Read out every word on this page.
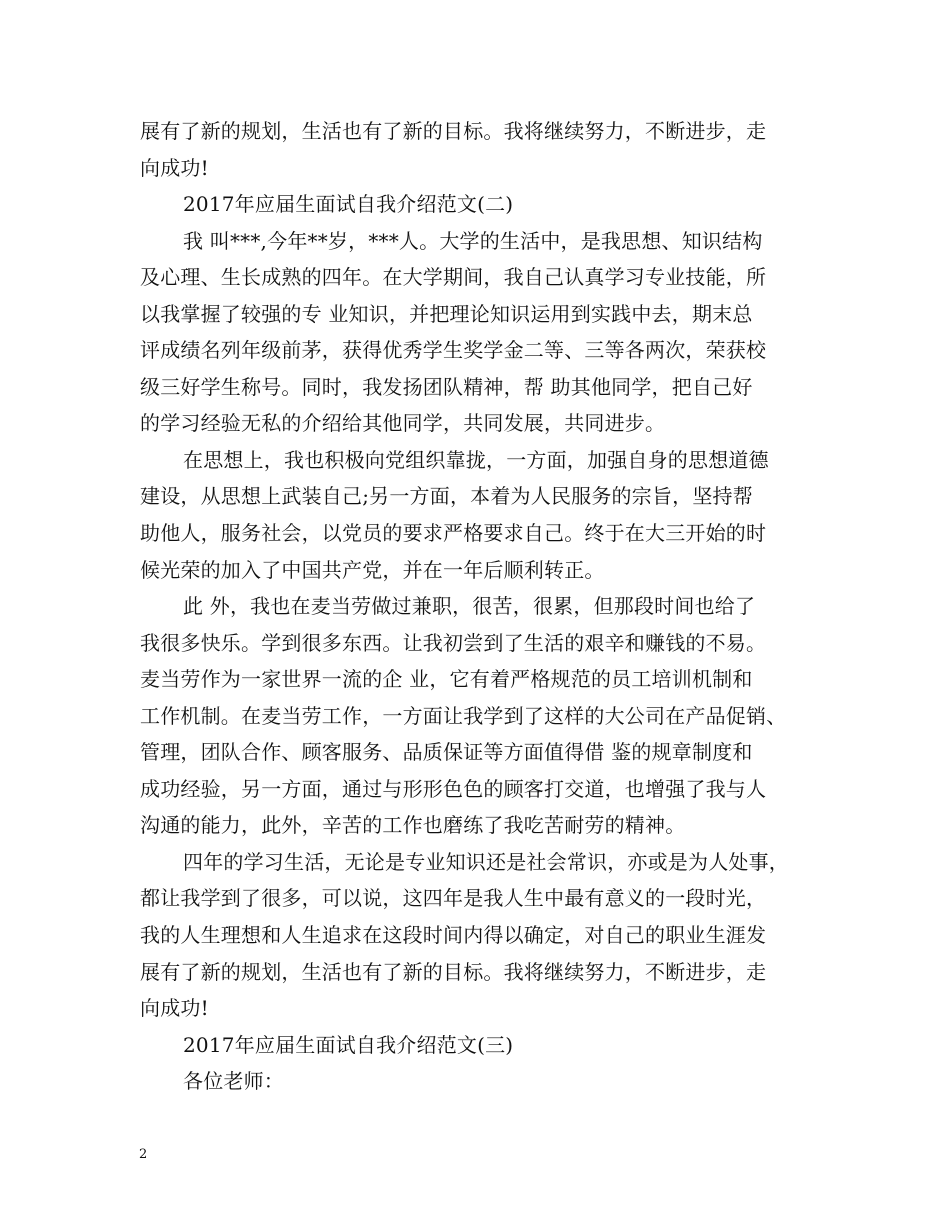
展有了新的规划，生活也有了新的目标。我将继续努力，不断进步，走
向成功!
2017年应届生面试自我介绍范文(二)
我 叫***,今年**岁，***人。大学的生活中，是我思想、知识结构
及心理、生长成熟的四年。在大学期间，我自己认真学习专业技能，所
以我掌握了较强的专 业知识，并把理论知识运用到实践中去，期末总
评成绩名列年级前茅，获得优秀学生奖学金二等、三等各两次，荣获校
级三好学生称号。同时，我发扬团队精神，帮 助其他同学，把自己好
的学习经验无私的介绍给其他同学，共同发展，共同进步。
在思想上，我也积极向党组织靠拢，一方面，加强自身的思想道德
建设，从思想上武装自己;另一方面，本着为人民服务的宗旨，坚持帮
助他人，服务社会，以党员的要求严格要求自己。终于在大三开始的时
候光荣的加入了中国共产党，并在一年后顺利转正。
此 外，我也在麦当劳做过兼职，很苦，很累，但那段时间也给了
我很多快乐。学到很多东西。让我初尝到了生活的艰辛和赚钱的不易。
麦当劳作为一家世界一流的企 业，它有着严格规范的员工培训机制和
工作机制。在麦当劳工作，一方面让我学到了这样的大公司在产品促销、
管理，团队合作、顾客服务、品质保证等方面值得借 鉴的规章制度和
成功经验，另一方面，通过与形形色色的顾客打交道，也增强了我与人
沟通的能力，此外，辛苦的工作也磨练了我吃苦耐劳的精神。
四年的学习生活，无论是专业知识还是社会常识，亦或是为人处事，
都让我学到了很多，可以说，这四年是我人生中最有意义的一段时光，
我的人生理想和人生追求在这段时间内得以确定，对自己的职业生涯发
展有了新的规划，生活也有了新的目标。我将继续努力，不断进步，走
向成功!
2017年应届生面试自我介绍范文(三)
各位老师：
2
